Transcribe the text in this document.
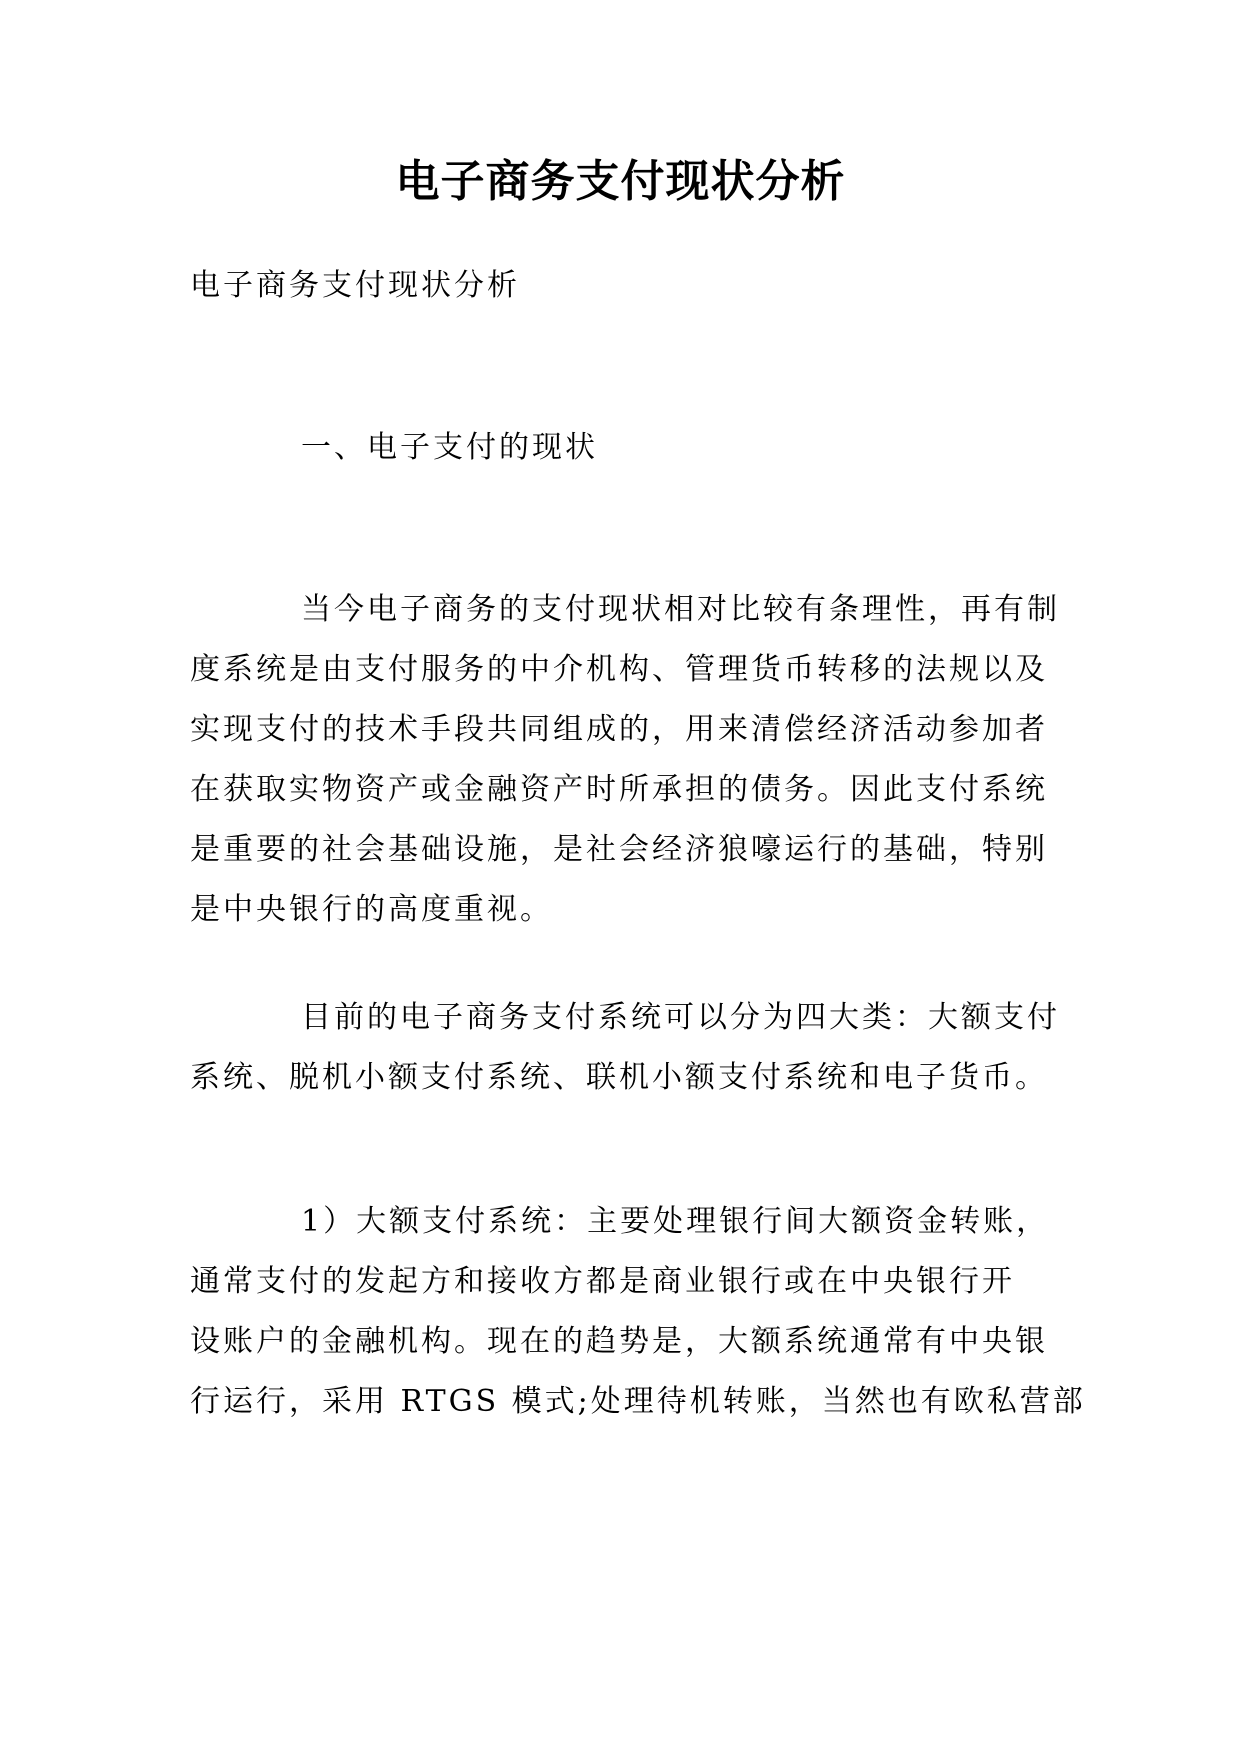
电子商务支付现状分析

电子商务支付现状分析

一、电子支付的现状

当今电子商务的支付现状相对比较有条理性，再有制
度系统是由支付服务的中介机构、管理货币转移的法规以及
实现支付的技术手段共同组成的，用来清偿经济活动参加者
在获取实物资产或金融资产时所承担的债务。因此支付系统
是重要的社会基础设施，是社会经济狼嚎运行的基础，特别
是中央银行的高度重视。
目前的电子商务支付系统可以分为四大类：大额支付
系统、脱机小额支付系统、联机小额支付系统和电子货币。
1）大额支付系统：主要处理银行间大额资金转账，
通常支付的发起方和接收方都是商业银行或在中央银行开
设账户的金融机构。现在的趋势是，大额系统通常有中央银
行运行，采用 RTGS 模式;处理待机转账，当然也有欧私营部
